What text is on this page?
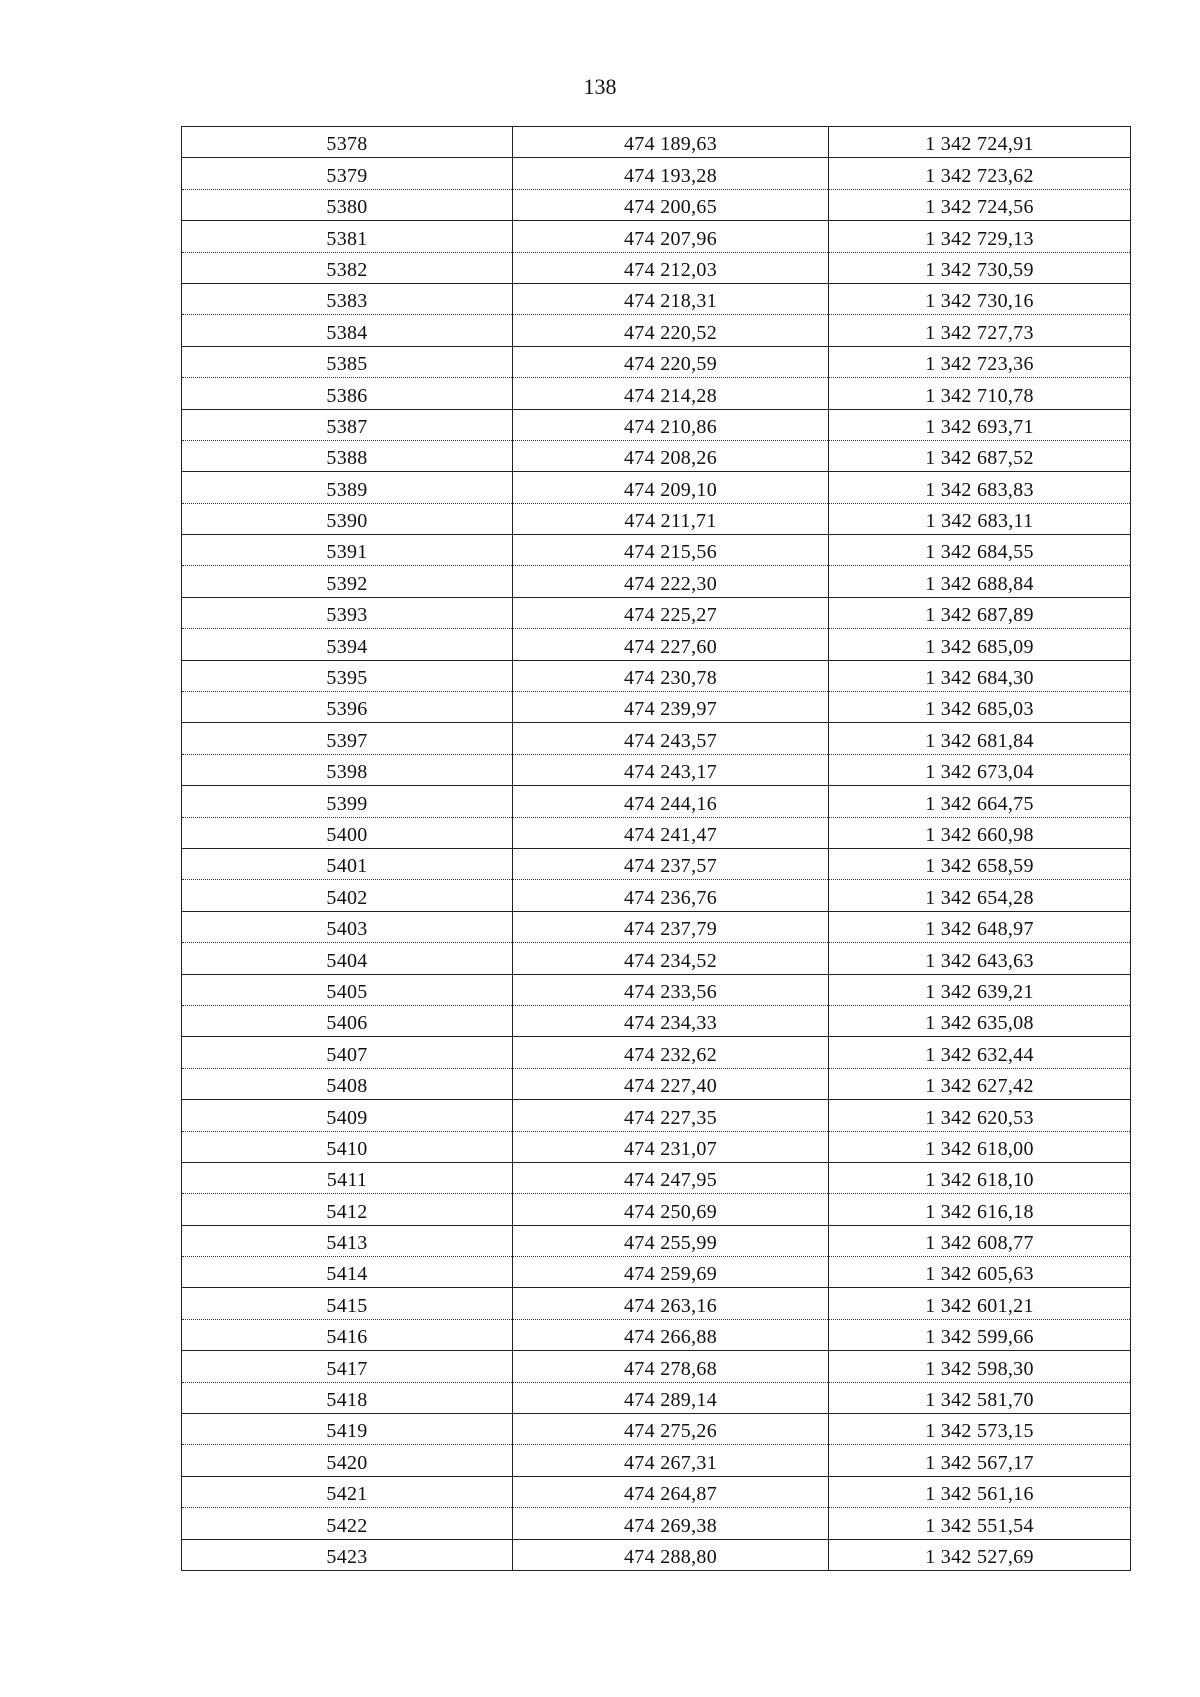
138
5378	474 189,63	1 342 724,91
5379	474 193,28	1 342 723,62
5380	474 200,65	1 342 724,56
5381	474 207,96	1 342 729,13
5382	474 212,03	1 342 730,59
5383	474 218,31	1 342 730,16
5384	474 220,52	1 342 727,73
5385	474 220,59	1 342 723,36
5386	474 214,28	1 342 710,78
5387	474 210,86	1 342 693,71
5388	474 208,26	1 342 687,52
5389	474 209,10	1 342 683,83
5390	474 211,71	1 342 683,11
5391	474 215,56	1 342 684,55
5392	474 222,30	1 342 688,84
5393	474 225,27	1 342 687,89
5394	474 227,60	1 342 685,09
5395	474 230,78	1 342 684,30
5396	474 239,97	1 342 685,03
5397	474 243,57	1 342 681,84
5398	474 243,17	1 342 673,04
5399	474 244,16	1 342 664,75
5400	474 241,47	1 342 660,98
5401	474 237,57	1 342 658,59
5402	474 236,76	1 342 654,28
5403	474 237,79	1 342 648,97
5404	474 234,52	1 342 643,63
5405	474 233,56	1 342 639,21
5406	474 234,33	1 342 635,08
5407	474 232,62	1 342 632,44
5408	474 227,40	1 342 627,42
5409	474 227,35	1 342 620,53
5410	474 231,07	1 342 618,00
5411	474 247,95	1 342 618,10
5412	474 250,69	1 342 616,18
5413	474 255,99	1 342 608,77
5414	474 259,69	1 342 605,63
5415	474 263,16	1 342 601,21
5416	474 266,88	1 342 599,66
5417	474 278,68	1 342 598,30
5418	474 289,14	1 342 581,70
5419	474 275,26	1 342 573,15
5420	474 267,31	1 342 567,17
5421	474 264,87	1 342 561,16
5422	474 269,38	1 342 551,54
5423	474 288,80	1 342 527,69
